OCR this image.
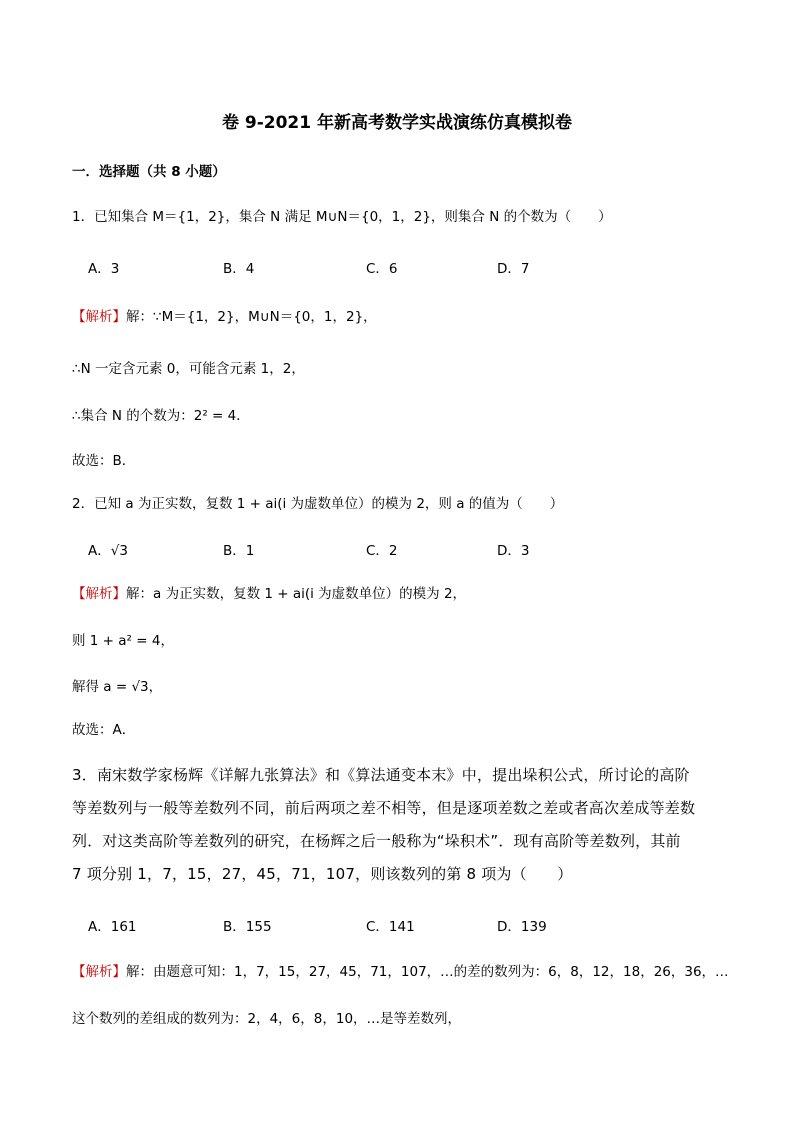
卷 9-2021 年新高考数学实战演练仿真模拟卷
一．选择题（共 8 小题）
1．已知集合 M＝{1，2}，集合 N 满足 M∪N＝{0，1，2}，则集合 N 的个数为（　　）
A．3	B．4	C．6	D．7
【解析】解：∵M＝{1，2}，M∪N＝{0，1，2}，
∴N 一定含元素 0，可能含元素 1，2，
∴集合 N 的个数为：2² = 4．
故选：B．
2．已知 a 为正实数，复数 1 + ai(i 为虚数单位）的模为 2，则 a 的值为（　　）
A．√3	B．1	C．2	D．3
【解析】解：a 为正实数，复数 1 + ai(i 为虚数单位）的模为 2，
则 1 + a² = 4，
解得 a = √3，
故选：A．
3．南宋数学家杨辉《详解九张算法》和《算法通变本末》中，提出垛积公式，所讨论的高阶
等差数列与一般等差数列不同，前后两项之差不相等，但是逐项差数之差或者高次差成等差数
列．对这类高阶等差数列的研究，在杨辉之后一般称为“垛积术”．现有高阶等差数列，其前
7 项分别 1，7，15，27，45，71，107，则该数列的第 8 项为（　　）
A．161	B．155	C．141	D．139
【解析】解：由题意可知：1，7，15，27，45，71，107，…的差的数列为：6，8，12，18，26，36，…
这个数列的差组成的数列为：2，4，6，8，10，…是等差数列，
